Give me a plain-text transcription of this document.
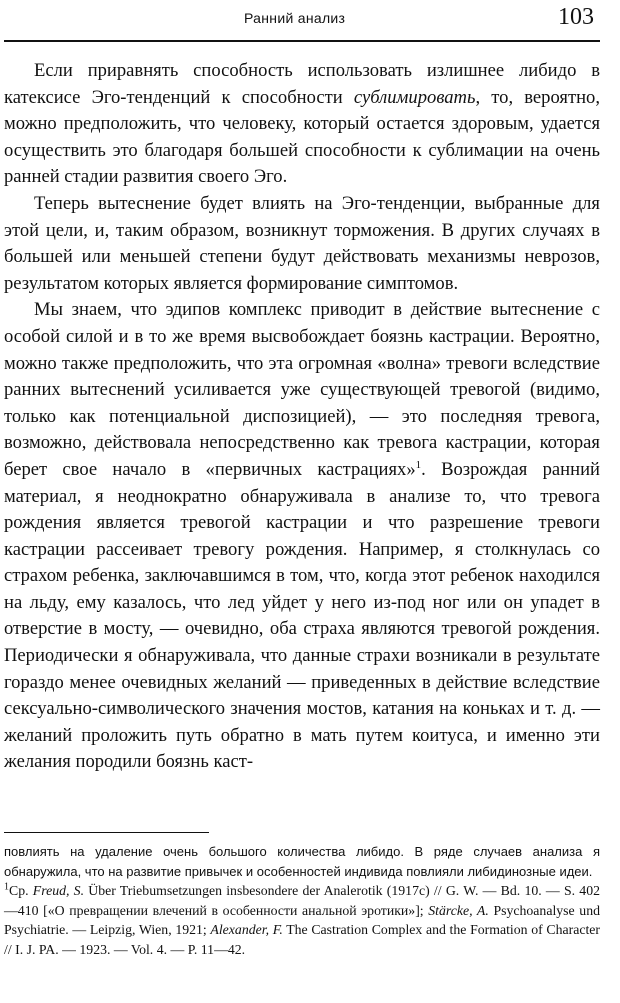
Ранний анализ	103

Если приравнять способность использовать излишнее либидо в катексисе Эго-тенденций к способности сублимировать, то, вероятно, можно предположить, что человеку, который остается здоровым, удается осуществить это благодаря большей способности к сублимации на очень ранней стадии развития своего Эго.

Теперь вытеснение будет влиять на Эго-тенденции, выбранные для этой цели, и, таким образом, возникнут торможения. В других случаях в большей или меньшей степени будут действовать механизмы неврозов, результатом которых является формирование симптомов.

Мы знаем, что эдипов комплекс приводит в действие вытеснение с особой силой и в то же время высвобождает боязнь кастрации. Вероятно, можно также предположить, что эта огромная «волна» тревоги вследствие ранних вытеснений усиливается уже существующей тревогой (видимо, только как потенциальной диспозицией), — это последняя тревога, возможно, действовала непосредственно как тревога кастрации, которая берет свое начало в «первичных кастрациях»$^1$. Возрождая ранний материал, я неоднократно обнаруживала в анализе то, что тревога рождения является тревогой кастрации и что разрешение тревоги кастрации рассеивает тревогу рождения. Например, я столкнулась со страхом ребенка, заключавшимся в том, что, когда этот ребенок находился на льду, ему казалось, что лед уйдет у него из-под ног или он упадет в отверстие в мосту, — очевидно, оба страха являются тревогой рождения. Периодически я обнаруживала, что данные страхи возникали в результате гораздо менее очевидных желаний — приведенных в действие вследствие сексуально-символического значения мостов, катания на коньках и т. д. — желаний проложить путь обратно в мать путем коитуса, и именно эти желания породили боязнь каст-

повлиять на удаление очень большого количества либидо. В ряде случаев анализа я обнаружила, что на развитие привычек и особенностей индивида повлияли либидинозные идеи.

$^1$Ср. Freud, S. Über Triebumsetzungen insbesondere der Analerotik (1917c) // G. W. — Bd. 10. — S. 402—410 [«О превращении влечений в особенности анальной эротики»]; Stärcke, A. Psychoanalyse und Psychiatrie. — Leipzig, Wien, 1921; Alexander, F. The Castration Complex and the Formation of Character // I. J. PA. — 1923. — Vol. 4. — P. 11—42.
